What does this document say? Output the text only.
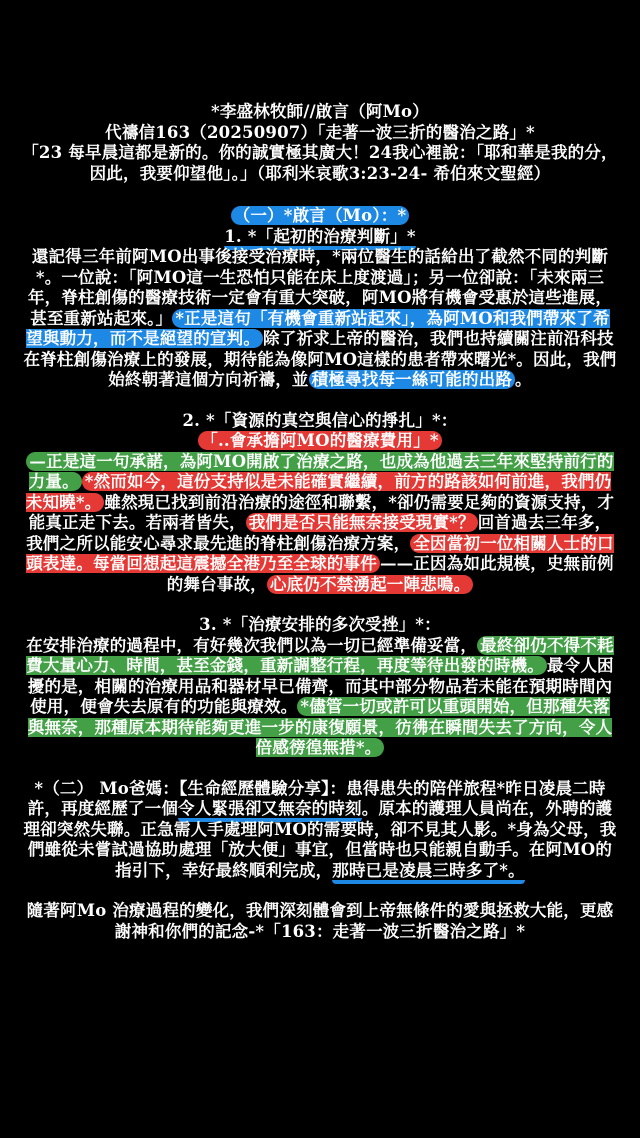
*李盛林牧師//啟言（阿Mo）

代禱信163（20250907）「走著一波三折的醫治之路」*

「23 每早晨這都是新的。你的誠實極其廣大！24我心裡說：「耶和華是我的分，因此，我要仰望他」。」（耶利米哀歌3:23-24- 希伯來文聖經）

（一）*啟言（Mo）：*

1. *「起初的治療判斷」*

還記得三年前阿MO出事後接受治療時，*兩位醫生的話給出了截然不同的判斷*。一位說：「阿MO這一生恐怕只能在床上度渡過」；另一位卻說：「未來兩三年，脊柱創傷的醫療技術一定會有重大突破，阿MO將有機會受惠於這些進展，甚至重新站起來。」 *正是這句「有機會重新站起來」，為阿MO和我們帶來了希望與動力，而不是絕望的宣判。 除了祈求上帝的醫治，我們也持續關注前沿科技在脊柱創傷治療上的發展，期待能為像阿MO這樣的患者帶來曙光*。因此，我們始終朝著這個方向祈禱，並 積極尋找每一絲可能的出路 。

2. *「資源的真空與信心的掙扎」*：

「..會承擔阿MO的醫療費用」*

—正是這一句承諾，為阿MO開啟了治療之路，也成為他過去三年來堅持前行的力量。 *然而如今，這份支持似是未能確實繼續，前方的路該如何前進，我們仍未知曉*。 雖然現已找到前沿治療的途徑和聯繫，*卻仍需要足夠的資源支持，才能真正走下去。若兩者皆失， 我們是否只能無奈接受現實*？ 回首過去三年多，我們之所以能安心尋求最先進的脊柱創傷治療方案， 全因當初一位相關人士的口頭表達。每當回想起這震撼全港乃至全球的事件 ——正因為如此規模，史無前例的舞台事故， 心底仍不禁湧起一陣悲鳴。

3. *「治療安排的多次受挫」*：

在安排治療的過程中，有好幾次我們以為一切已經準備妥當， 最終卻仍不得不耗費大量心力、時間，甚至金錢，重新調整行程，再度等待出發的時機。 最令人困擾的是，相關的治療用品和器材早已備齊，而其中部分物品若未能在預期時間內使用，便會失去原有的功能與療效。 *儘管一切或許可以重頭開始，但那種失落與無奈，那種原本期待能夠更進一步的康復願景，彷彿在瞬間失去了方向，令人倍感徬徨無措*。

*（二） Mo爸媽：【生命經歷體驗分享】：患得患失的陪伴旅程*昨日凌晨二時許，再度經歷了一個令人緊張卻又無奈的時刻。原本的護理人員尚在，外聘的護理卻突然失聯。正急需人手處理阿MO的需要時，卻不見其人影。*身為父母，我們雖從未嘗試過協助處理「放大便」事宜，但當時也只能親自動手。在阿MO的指引下，幸好最終順利完成，那時已是凌晨三時多了*。

隨著阿Mo 治療過程的變化，我們深刻體會到上帝無條件的愛與拯救大能，更感謝神和你們的記念-*「163：走著一波三折醫治之路」*
